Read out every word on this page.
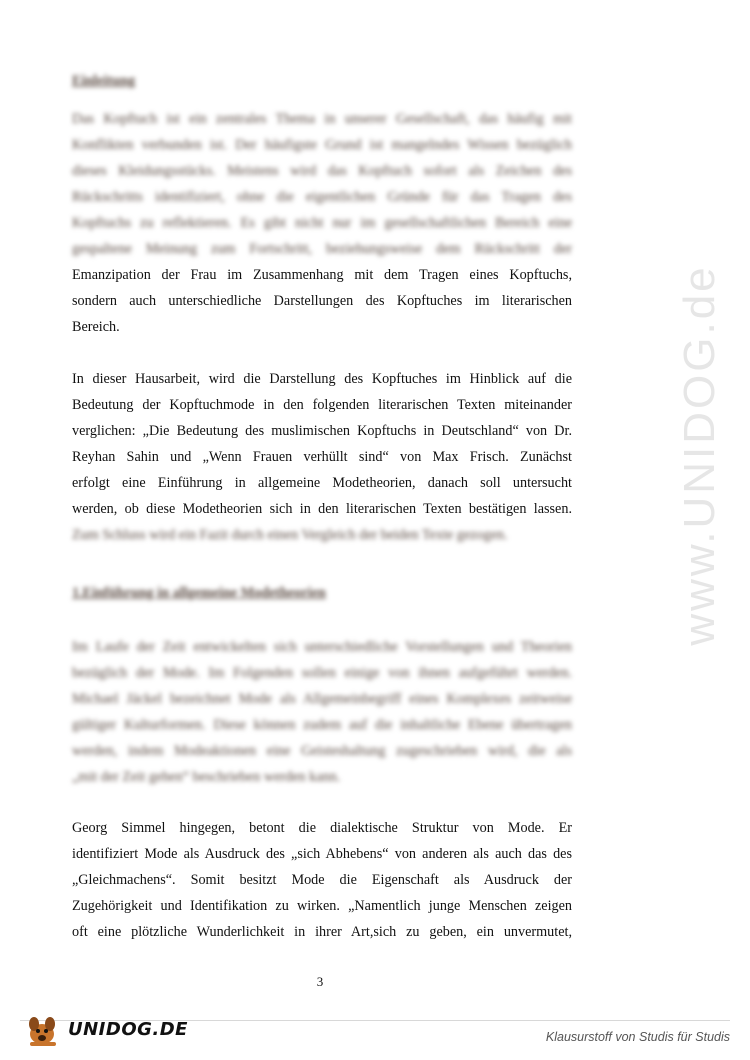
Einleitung
Das Kopftuch ist ein zentrales Thema in unserer Gesellschaft, das häufig mit
Konflikten verbunden ist. Der häufigste Grund ist mangelndes Wissen bezüglich
dieses Kleidungsstücks. Meistens wird das Kopftuch sofort als Zeichen des
Rückschritts identifiziert, ohne die eigentlichen Gründe für das Tragen des
Kopftuchs zu reflektieren. Es gibt nicht nur im gesellschaftlichen Bereich eine
gespaltene Meinung zum Fortschritt, beziehungsweise dem Rückschritt der
Emanzipation der Frau im Zusammenhang mit dem Tragen eines Kopftuchs,
sondern auch unterschiedliche Darstellungen des Kopftuches im literarischen
Bereich.
In dieser Hausarbeit, wird die Darstellung des Kopftuches im Hinblick auf die
Bedeutung der Kopftuchmode in den folgenden literarischen Texten miteinander
verglichen: „Die Bedeutung des muslimischen Kopftuchs in Deutschland“ von Dr.
Reyhan Sahin und „Wenn Frauen verhüllt sind“ von Max Frisch. Zunächst
erfolgt eine Einführung in allgemeine Modetheorien, danach soll untersucht
werden, ob diese Modetheorien sich in den literarischen Texten bestätigen lassen.
Zum Schluss wird ein Fazit durch einen Vergleich der beiden Texte gezogen.
1.Einführung in allgemeine Modetheorien
Im Laufe der Zeit entwickelten sich unterschiedliche Vorstellungen und Theorien
bezüglich der Mode. Im Folgenden sollen einige von ihnen aufgeführt werden.
Michael Jäckel bezeichnet Mode als Allgemeinbegriff eines Komplexes zeitweise
gültiger Kulturformen. Diese können zudem auf die inhaltliche Ebene übertragen
werden, indem Modeaktionen eine Geisteshaltung zugeschrieben wird, die als
„mit der Zeit gehen“ beschrieben werden kann.
Georg Simmel hingegen, betont die dialektische Struktur von Mode. Er
identifiziert Mode als Ausdruck des „sich Abhebens“ von anderen als auch das des
„Gleichmachens“. Somit besitzt Mode die Eigenschaft als Ausdruck der
Zugehörigkeit und Identifikation zu wirken. „Namentlich junge Menschen zeigen
oft eine plötzliche Wunderlichkeit in ihrer Art,sich zu geben, ein unvermutet,
3
www.UNIDOG.de
UNIDOG.DE	Klausurstoff von Studis für Studis
